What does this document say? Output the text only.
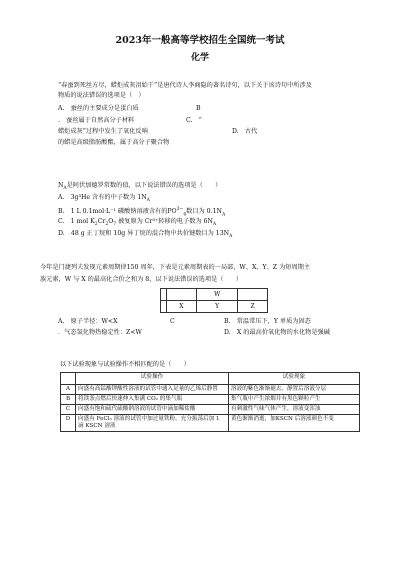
2023年一般高等学校招生全国统一考试
化学
“春蚕到死丝方尽，蜡炬成灰泪始干”是唐代诗人李商隐的著名诗句，以下关于该诗句中所涉及
物质的说法错误的选项是（　）
A.　蚕丝的主要成分是蛋白质	B
.　蚕丝属于自然高分子材料	C.　“
蜡炬成灰”过程中发生了氧化反响	D.　古代
的蜡是高级脂肪酸酯，属于高分子聚合物
$N_A$是阿伏加德罗常数的值，以下说法错误的选项是（　　）
A.　3g³He 含有的中子数为 $1N_A$
B.　1 L 0.1mol·L⁻¹ 磷酸钠溶液含有的$PO^{3-}_4$数目为 $0.1N_A$
C.　1 mol $K_2Cr_2O_7$ 被复原为 Cr³⁺转移的电子数为 $6N_A$
D.　48 g 正丁烷和 10g 异丁烷的混合物中共价键数目为 $13N_A$
今年是门捷列夫发现元素周期律150 周年，下表是元素周期表的一局部，W、X、Y、Z 为短周期主
族元素，W 与 X 的最高化合价之和为 8，以下说法错误的选项是（　　）
		W	
	X	Y	Z
A.　原子半径：W<X	C	B.　常温常压下，Y 单质为固态
．气态氢化物热稳定性：Z<W	D.　X 的最高价氧化物的水化物是强碱
以下试验现象与试验操作不相匹配的是（　　）
	试验操作	试验现象
A	向盛有高锰酸钾酸性溶液的试管中通入足量的乙烯后静置	溶液的紫色渐渐褪去，静置后溶液分层
B	将镁条点燃后快速伸入集满 CO₂ 的集气瓶	集气瓶中产生浓烟并有黑色颗粒产生
C	向盛有饱和硫代硫酸钠溶液的试管中滴加稀盐酸	有刺激性气味气体产生，溶液变浑浊
D	向盛有 FeCl₃ 溶液的试管中加过量铁粉，充分振荡后加 1 滴 KSCN 溶液	黄色渐渐消逝，加KSCN 后溶液颜色不变
